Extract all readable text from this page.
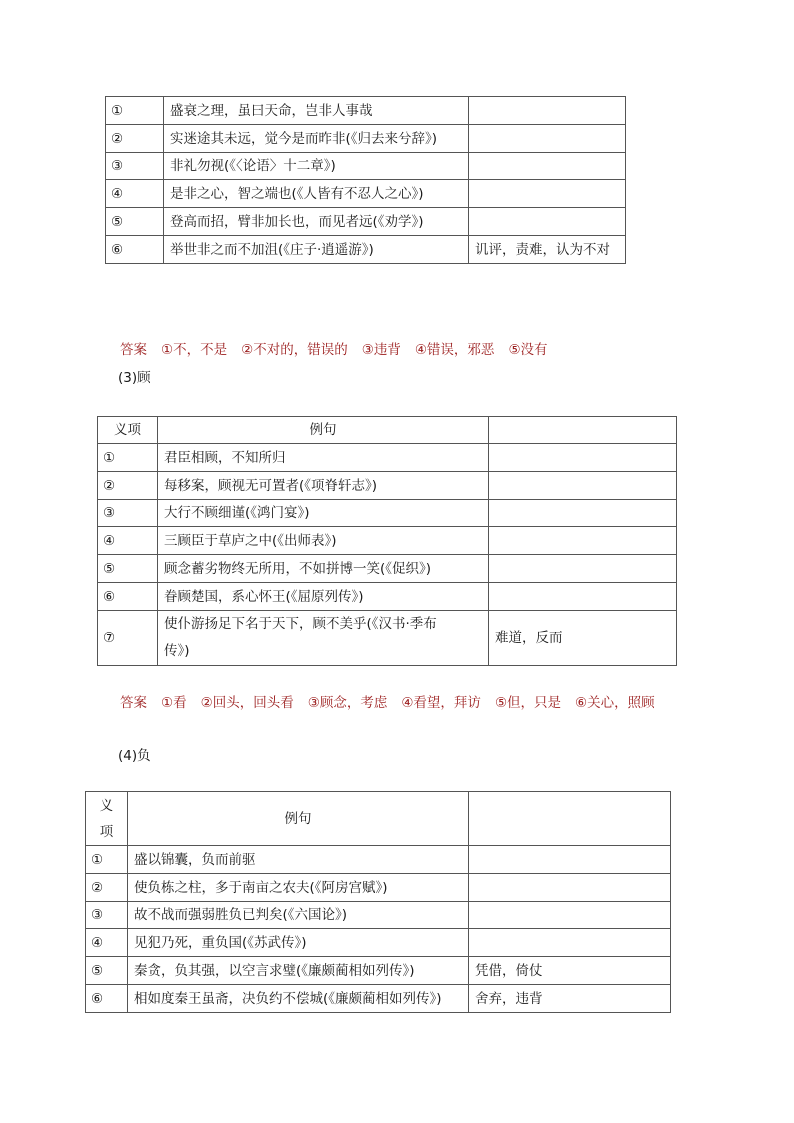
①	盛衰之理，虽曰天命，岂非人事哉	
②	实迷途其未远，觉今是而昨非(《归去来兮辞》)	
③	非礼勿视(《〈论语〉十二章》)	
④	是非之心，智之端也(《人皆有不忍人之心》)	
⑤	登高而招，臂非加长也，而见者远(《劝学》)	
⑥	举世非之而不加沮(《庄子·逍遥游》)	讥评，责难，认为不对
答案 ①不，不是 ②不对的，错误的 ③违背 ④错误，邪恶 ⑤没有
(3)顾
义项	例句	
①	君臣相顾，不知所归	
②	每移案，顾视无可置者(《项脊轩志》)	
③	大行不顾细谨(《鸿门宴》)	
④	三顾臣于草庐之中(《出师表》)	
⑤	顾念蓄劣物终无所用，不如拼博一笑(《促织》)	
⑥	眷顾楚国，系心怀王(《屈原列传》)	
⑦	使仆游扬足下名于天下，顾不美乎(《汉书·季布
传》)	难道，反而
答案 ①看 ②回头，回头看 ③顾念，考虑 ④看望，拜访 ⑤但，只是 ⑥关心，照顾
(4)负
义
项	例句	
①	盛以锦囊，负而前驱	
②	使负栋之柱，多于南亩之农夫(《阿房宫赋》)	
③	故不战而强弱胜负已判矣(《六国论》)	
④	见犯乃死，重负国(《苏武传》)	
⑤	秦贪，负其强，以空言求璧(《廉颇蔺相如列传》)	凭借，倚仗
⑥	相如度秦王虽斋，决负约不偿城(《廉颇蔺相如列传》)	舍弃，违背
